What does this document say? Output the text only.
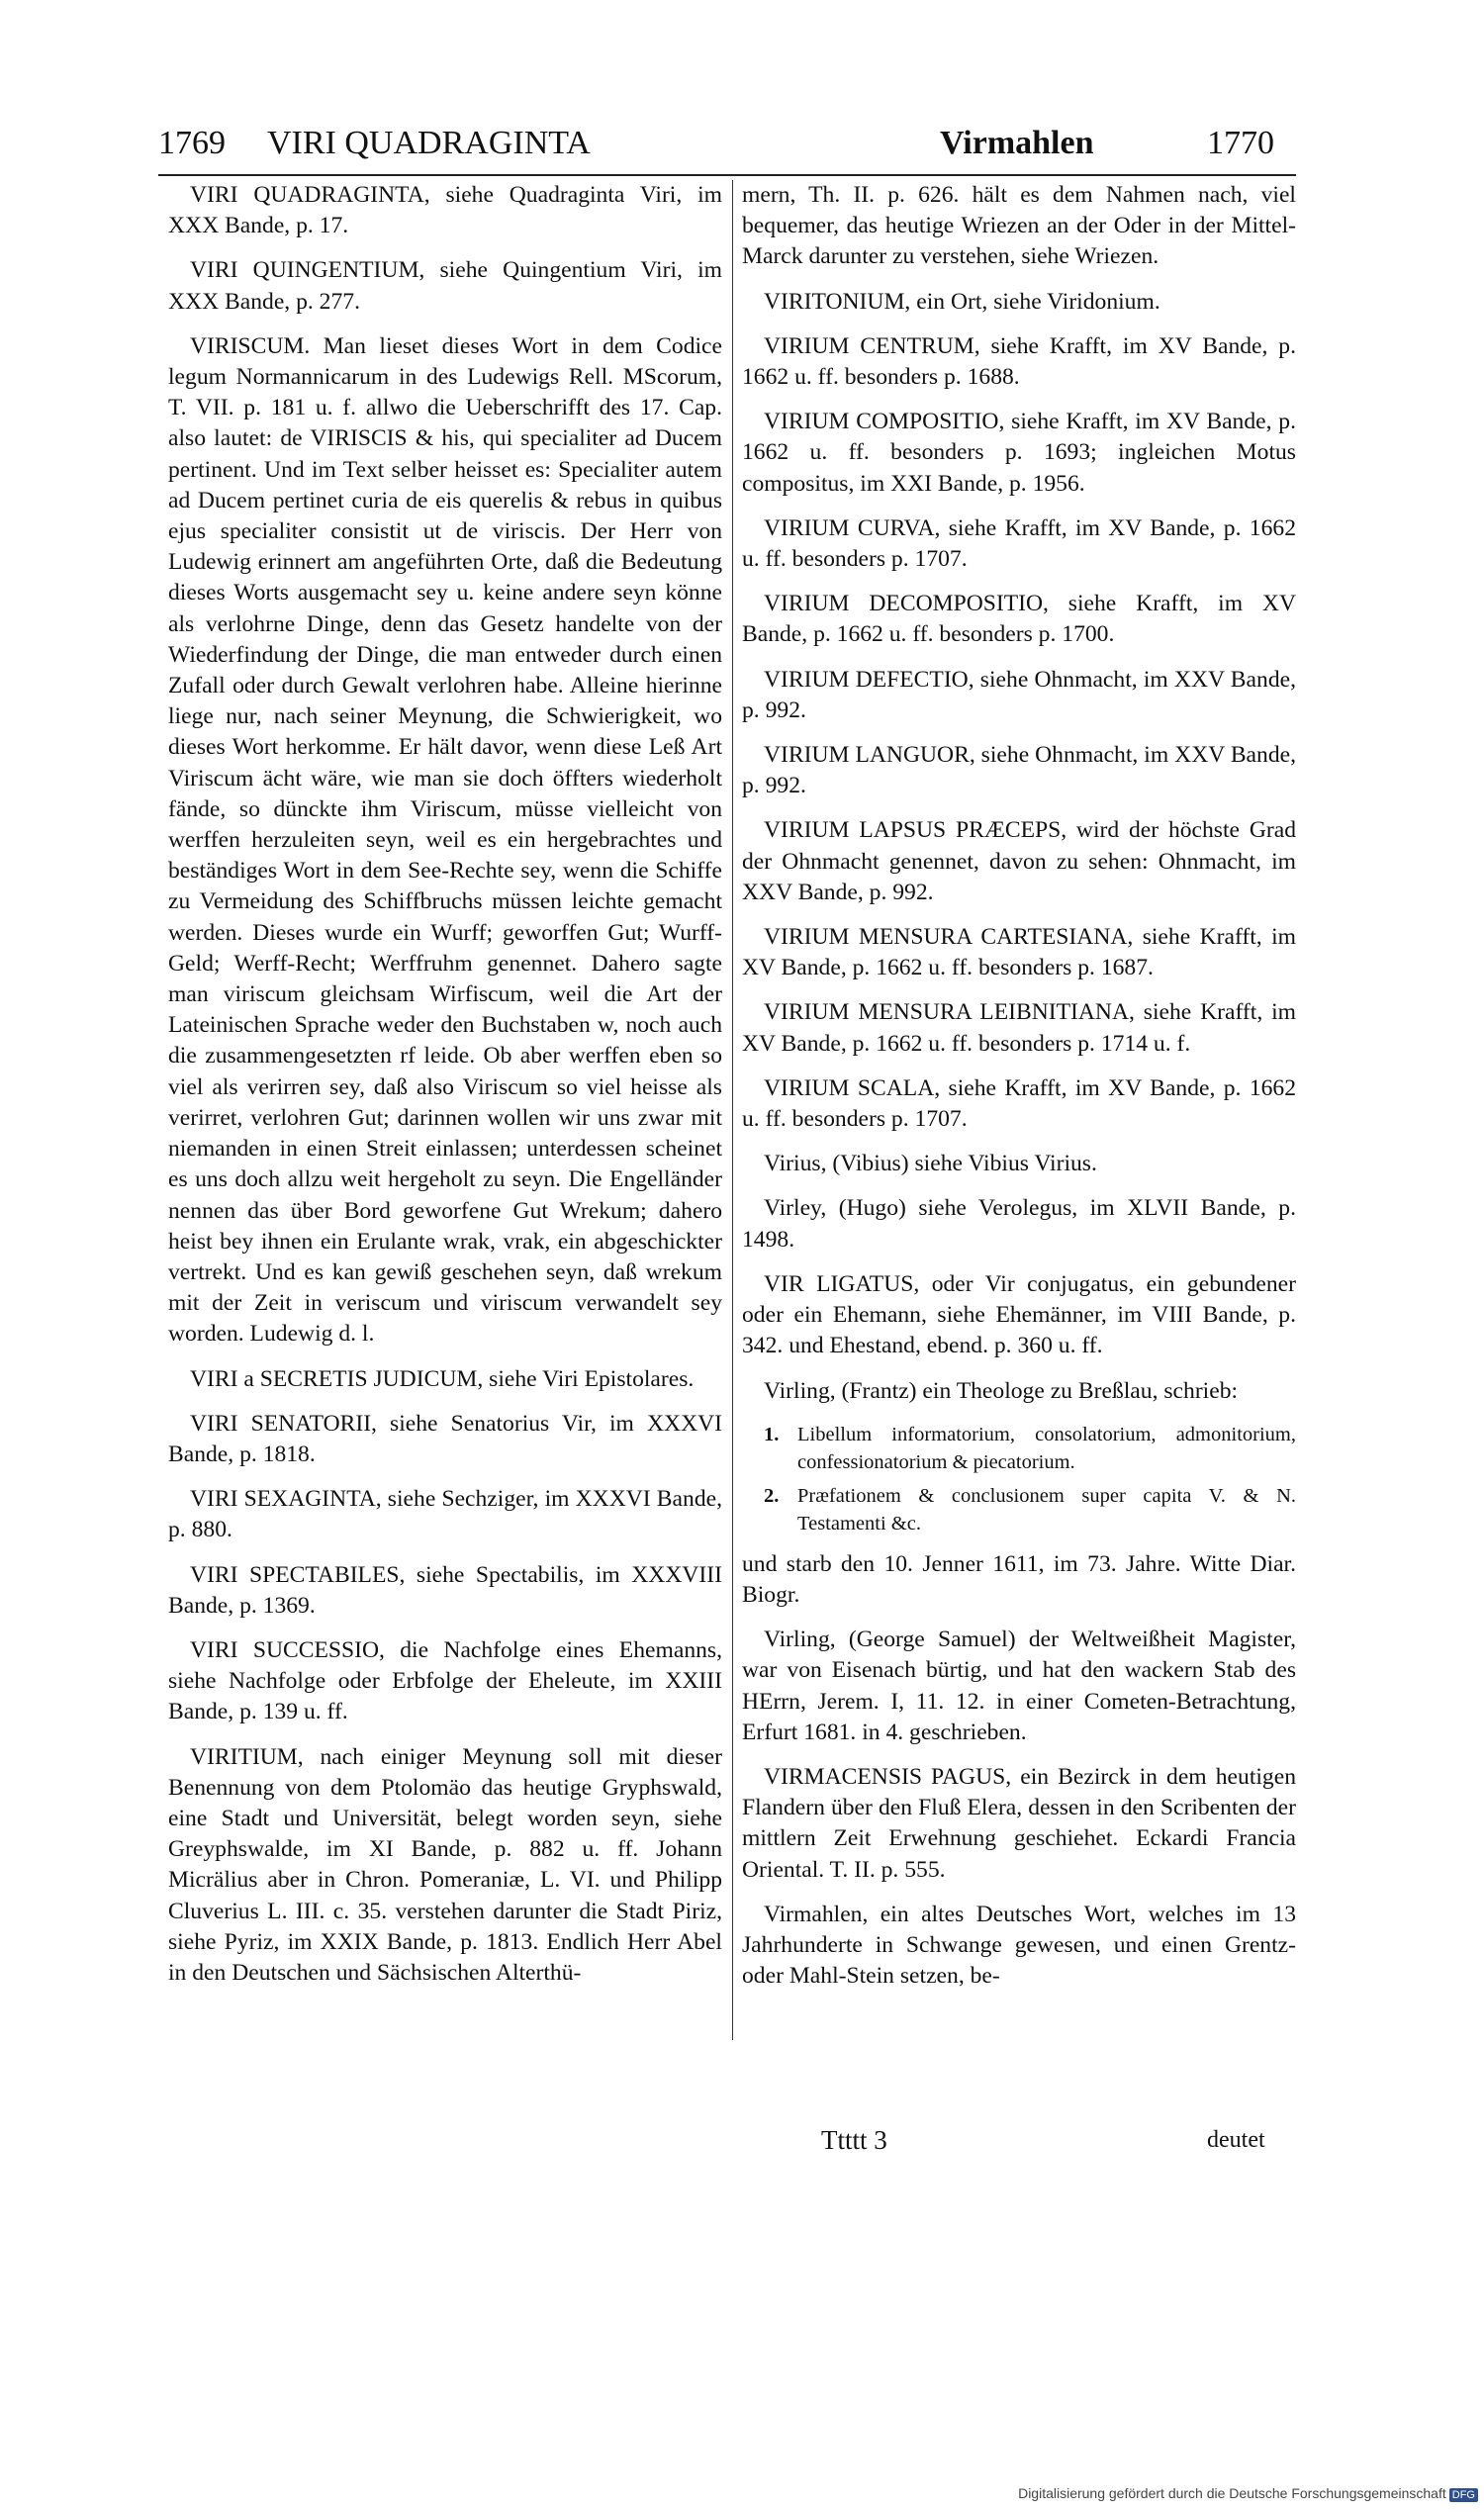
1769 VIRI QUADRAGINTA	Virmahlen	1770

VIRI QUADRAGINTA, siehe Quadraginta Viri, im XXX Bande, p. 17.

VIRI QUINGENTIUM, siehe Quingentium Viri, im XXX Bande, p. 277.

VIRISCUM. Man lieset dieses Wort in dem Codice legum Normannicarum in des Ludewigs Rell. MScorum, T. VII. p. 181 u. f. allwo die Ueberschrifft des 17. Cap. also lautet: de VIRISCIS & his, qui specialiter ad Ducem pertinent. Und im Text selber heisset es: Specialiter autem ad Ducem pertinet curia de eis querelis & rebus in quibus ejus specialiter consistit ut de viriscis. Der Herr von Ludewig erinnert am angeführten Orte, daß die Bedeutung dieses Worts ausgemacht sey u. keine andere seyn könne als verlohrne Dinge, denn das Gesetz handelte von der Wiederfindung der Dinge, die man entweder durch einen Zufall oder durch Gewalt verlohren habe. Alleine hierinne liege nur, nach seiner Meynung, die Schwierigkeit, wo dieses Wort herkomme. Er hält davor, wenn diese Leß Art Viriscum ächt wäre, wie man sie doch öffters wiederholt fände, so dünckte ihm Viriscum, müsse vielleicht von werffen herzuleiten seyn, weil es ein hergebrachtes und beständiges Wort in dem See-Rechte sey, wenn die Schiffe zu Vermeidung des Schiffbruchs müssen leichte gemacht werden. Dieses wurde ein Wurff; geworffen Gut; Wurff-Geld; Werff-Recht; Werffruhm genennet. Dahero sagte man viriscum gleichsam Wirfiscum, weil die Art der Lateinischen Sprache weder den Buchstaben w, noch auch die zusammengesetzten rf leide. Ob aber werffen eben so viel als verirren sey, daß also Viriscum so viel heisse als verirret, verlohren Gut; darinnen wollen wir uns zwar mit niemanden in einen Streit einlassen; unterdessen scheinet es uns doch allzu weit hergeholt zu seyn. Die Engelländer nennen das über Bord geworfene Gut Wrekum; dahero heist bey ihnen ein Erulante wrak, vrak, ein abgeschickter vertrekt. Und es kan gewiß geschehen seyn, daß wrekum mit der Zeit in veriscum und viriscum verwandelt sey worden. Ludewig d. l.

VIRI a SECRETIS JUDICUM, siehe Viri Epistolares.

VIRI SENATORII, siehe Senatorius Vir, im XXXVI Bande, p. 1818.

VIRI SEXAGINTA, siehe Sechziger, im XXXVI Bande, p. 880.

VIRI SPECTABILES, siehe Spectabilis, im XXXVIII Bande, p. 1369.

VIRI SUCCESSIO, die Nachfolge eines Ehemanns, siehe Nachfolge oder Erbfolge der Eheleute, im XXIII Bande, p. 139 u. ff.

VIRITIUM, nach einiger Meynung soll mit dieser Benennung von dem Ptolomäo das heutige Gryphswald, eine Stadt und Universität, belegt worden seyn, siehe Greyphswalde, im XI Bande, p. 882 u. ff. Johann Micrälius aber in Chron. Pomeraniæ, L. VI. und Philipp Cluverius L. III. c. 35. verstehen darunter die Stadt Piriz, siehe Pyriz, im XXIX Bande, p. 1813. Endlich Herr Abel in den Deutschen und Sächsischen Alterthü-

mern, Th. II. p. 626. hält es dem Nahmen nach, viel bequemer, das heutige Wriezen an der Oder in der Mittel-Marck darunter zu verstehen, siehe Wriezen.

VIRITONIUM, ein Ort, siehe Viridonium.

VIRIUM CENTRUM, siehe Krafft, im XV Bande, p. 1662 u. ff. besonders p. 1688.

VIRIUM COMPOSITIO, siehe Krafft, im XV Bande, p. 1662 u. ff. besonders p. 1693; ingleichen Motus compositus, im XXI Bande, p. 1956.

VIRIUM CURVA, siehe Krafft, im XV Bande, p. 1662 u. ff. besonders p. 1707.

VIRIUM DECOMPOSITIO, siehe Krafft, im XV Bande, p. 1662 u. ff. besonders p. 1700.

VIRIUM DEFECTIO, siehe Ohnmacht, im XXV Bande, p. 992.

VIRIUM LANGUOR, siehe Ohnmacht, im XXV Bande, p. 992.

VIRIUM LAPSUS PRÆCEPS, wird der höchste Grad der Ohnmacht genennet, davon zu sehen: Ohnmacht, im XXV Bande, p. 992.

VIRIUM MENSURA CARTESIANA, siehe Krafft, im XV Bande, p. 1662 u. ff. besonders p. 1687.

VIRIUM MENSURA LEIBNITIANA, siehe Krafft, im XV Bande, p. 1662 u. ff. besonders p. 1714 u. f.

VIRIUM SCALA, siehe Krafft, im XV Bande, p. 1662 u. ff. besonders p. 1707.

Virius, (Vibius) siehe Vibius Virius.

Virley, (Hugo) siehe Verolegus, im XLVII Bande, p. 1498.

VIR LIGATUS, oder Vir conjugatus, ein gebundener oder ein Ehemann, siehe Ehemänner, im VIII Bande, p. 342. und Ehestand, ebend. p. 360 u. ff.

Virling, (Frantz) ein Theologe zu Breßlau, schrieb:

1. Libellum informatorium, consolatorium, admonitorium, confessionatorium & piecatorium.
2. Præfationem & conclusionem super capita V. & N. Testamenti &c.

und starb den 10. Jenner 1611, im 73. Jahre. Witte Diar. Biogr.

Virling, (George Samuel) der Weltweißheit Magister, war von Eisenach bürtig, und hat den wackern Stab des HErrn, Jerem. I, 11. 12. in einer Cometen-Betrachtung, Erfurt 1681. in 4. geschrieben.

VIRMACENSIS PAGUS, ein Bezirck in dem heutigen Flandern über den Fluß Elera, dessen in den Scribenten der mittlern Zeit Erwehnung geschiehet. Eckardi Francia Oriental. T. II. p. 555.

Virmahlen, ein altes Deutsches Wort, welches im 13 Jahrhunderte in Schwange gewesen, und einen Grentz- oder Mahl-Stein setzen, be-

Ttttt 3	deutet
Digitalisierung gefördert durch die Deutsche Forschungsgemeinschaft DFG
